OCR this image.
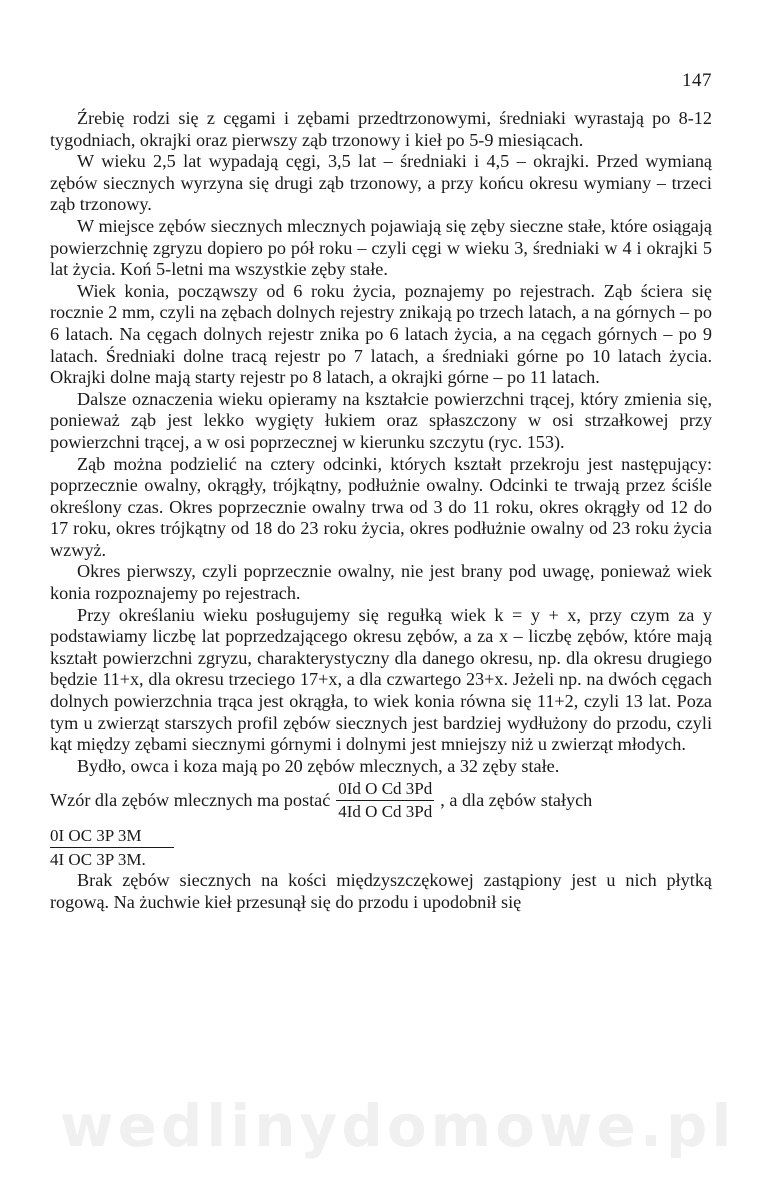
147

Źrebię rodzi się z cęgami i zębami przedtrzonowymi, średniaki wyrastają po 8-12 tygodniach, okrajki oraz pierwszy ząb trzonowy i kieł po 5-9 miesiącach.

W wieku 2,5 lat wypadają cęgi, 3,5 lat – średniaki i 4,5 – okrajki. Przed wymianą zębów siecznych wyrzyna się drugi ząb trzonowy, a przy końcu okresu wymiany – trzeci ząb trzonowy.

W miejsce zębów siecznych mlecznych pojawiają się zęby sieczne stałe, które osiągają powierzchnię zgryzu dopiero po pół roku – czyli cęgi w wieku 3, średniaki w 4 i okrajki 5 lat życia. Koń 5-letni ma wszystkie zęby stałe.

Wiek konia, począwszy od 6 roku życia, poznajemy po rejestrach. Ząb ściera się rocznie 2 mm, czyli na zębach dolnych rejestry znikają po trzech latach, a na górnych – po 6 latach. Na cęgach dolnych rejestr znika po 6 latach życia, a na cęgach górnych – po 9 latach. Średniaki dolne tracą rejestr po 7 latach, a średniaki górne po 10 latach życia. Okrajki dolne mają starty rejestr po 8 latach, a okrajki górne – po 11 latach.

Dalsze oznaczenia wieku opieramy na kształcie powierzchni trącej, który zmienia się, ponieważ ząb jest lekko wygięty łukiem oraz spłaszczony w osi strzałkowej przy powierzchni trącej, a w osi poprzecznej w kierunku szczytu (ryc. 153).

Ząb można podzielić na cztery odcinki, których kształt przekroju jest następujący: poprzecznie owalny, okrągły, trójkątny, podłużnie owalny. Odcinki te trwają przez ściśle określony czas. Okres poprzecznie owalny trwa od 3 do 11 roku, okres okrągły od 12 do 17 roku, okres trójkątny od 18 do 23 roku życia, okres podłużnie owalny od 23 roku życia wzwyż.

Okres pierwszy, czyli poprzecznie owalny, nie jest brany pod uwagę, ponieważ wiek konia rozpoznajemy po rejestrach.

Przy określaniu wieku posługujemy się regułką wiek k = y + x, przy czym za y podstawiamy liczbę lat poprzedzającego okresu zębów, a za x – liczbę zębów, które mają kształt powierzchni zgryzu, charakterystyczny dla danego okresu, np. dla okresu drugiego będzie 11+x, dla okresu trzeciego 17+x, a dla czwartego 23+x. Jeżeli np. na dwóch cęgach dolnych powierzchnia trąca jest okrągła, to wiek konia równa się 11+2, czyli 13 lat. Poza tym u zwierząt starszych profil zębów siecznych jest bardziej wydłużony do przodu, czyli kąt między zębami siecznymi górnymi i dolnymi jest mniejszy niż u zwierząt młodych.

Bydło, owca i koza mają po 20 zębów mlecznych, a 32 zęby stałe.

Wzór dla zębów mlecznych ma postać $\frac{\text{0Id O Cd 3Pd}}{\text{4Id O Cd 3Pd}}$ , a dla zębów stałych
$\frac{\text{0I OC 3P 3M}}{\text{4I OC 3P 3M.}}$

Brak zębów siecznych na kości międzyszczękowej zastąpiony jest u nich płytką rogową. Na żuchwie kieł przesunął się do przodu i upodobnił się

wedlinydomowe.pl
